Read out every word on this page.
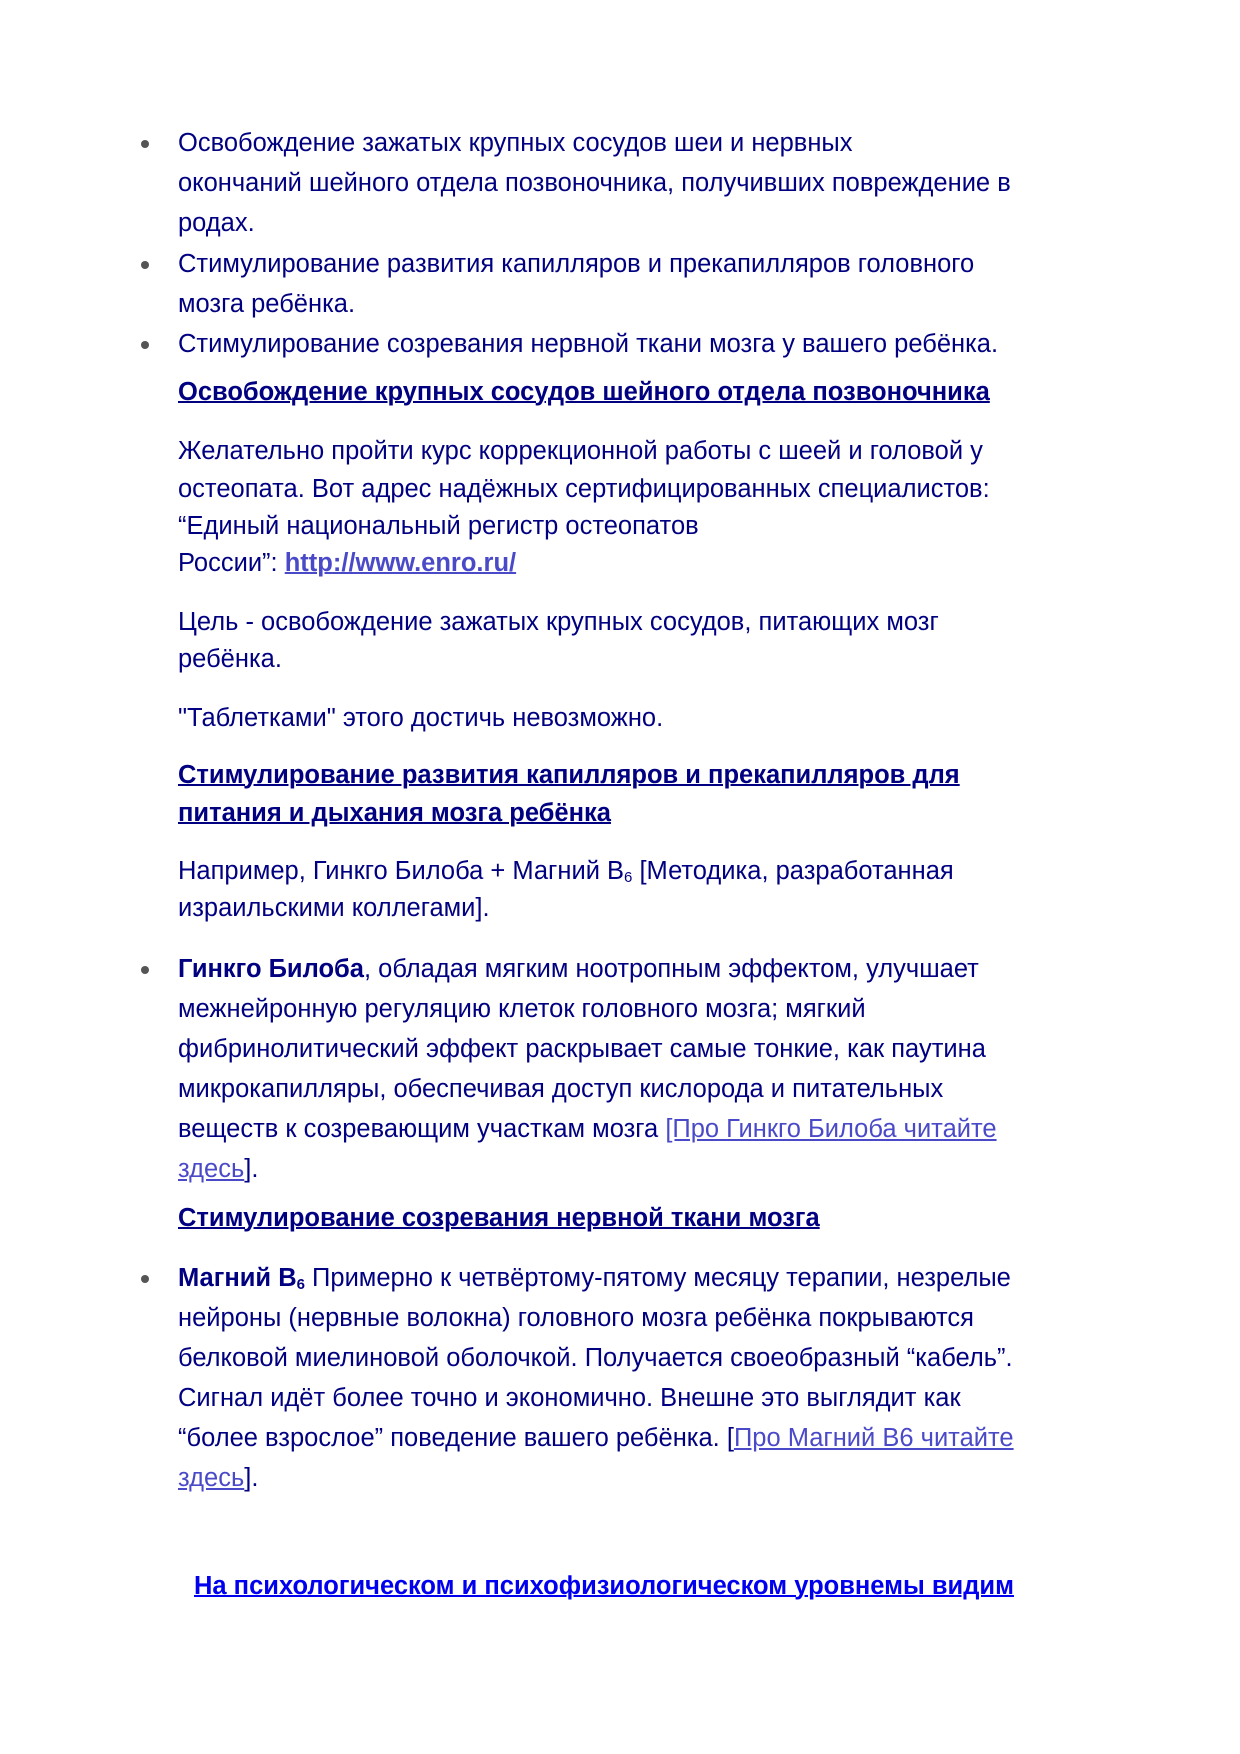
Освобождение зажатых крупных сосудов шеи и нервных
окончаний шейного отдела позвоночника, получивших повреждение в
родах.
Стимулирование развития капилляров и прекапилляров головного
мозга ребёнка.
Стимулирование созревания нервной ткани мозга у вашего ребёнка.
Освобождение крупных сосудов шейного отдела позвоночника
Желательно пройти курс коррекционной работы с шеей и головой у
остеопата. Вот адрес надёжных сертифицированных специалистов:
“Единый национальный регистр остеопатов
России”: http://www.enro.ru/
Цель - освобождение зажатых крупных сосудов, питающих мозг
ребёнка.
"Таблетками" этого достичь невозможно.
Стимулирование развития капилляров и прекапилляров для
питания и дыхания мозга ребёнка
Например, Гинкго Билоба + Магний $В_6$ [Методика, разработанная
израильскими коллегами].
Гинкго Билоба, обладая мягким ноотропным эффектом, улучшает
межнейронную регуляцию клеток головного мозга; мягкий
фибринолитический эффект раскрывает самые тонкие, как паутина
микрокапилляры, обеспечивая доступ кислорода и питательных
веществ к созревающим участкам мозга [Про Гинкго Билоба читайте
здесь].
Стимулирование созревания нервной ткани мозга
Магний $В_6$ Примерно к четвёртому-пятому месяцу терапии, незрелые
нейроны (нервные волокна) головного мозга ребёнка покрываются
белковой миелиновой оболочкой. Получается своеобразный “кабель”.
Сигнал идёт более точно и экономично. Внешне это выглядит как
“более взрослое” поведение вашего ребёнка. [Про Магний В6 читайте
здесь].
На психологическом и психофизиологическом уровнемы видим
